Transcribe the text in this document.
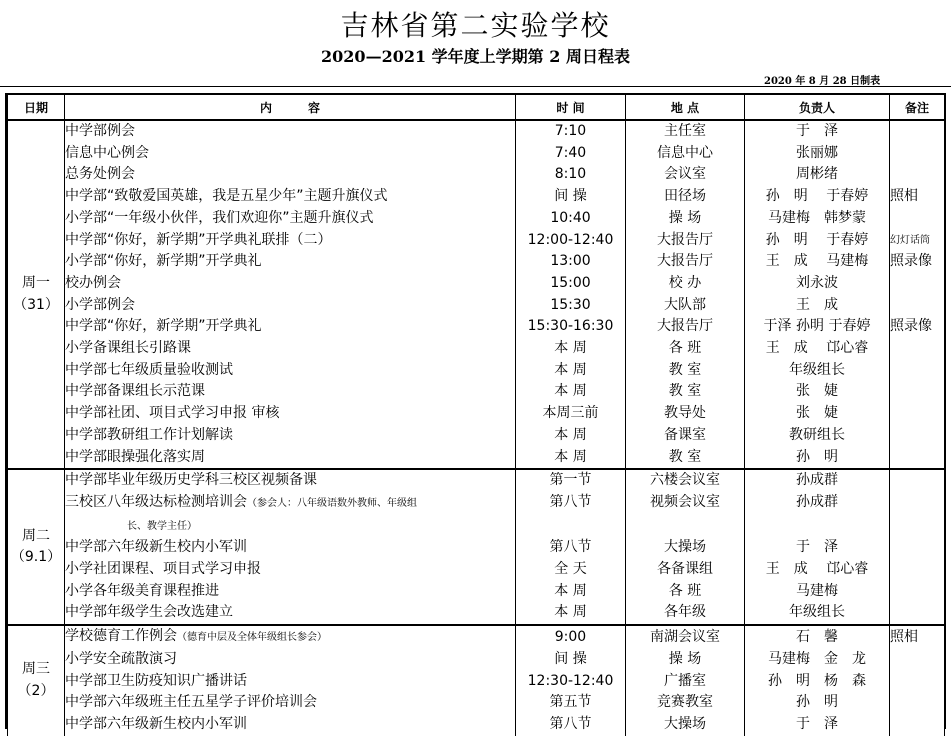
吉林省第二实验学校
2020—2021 学年度上学期第 2 周日程表
2020 年 8 月 28 日制表
日期	内　　　容	时 间	地 点	负责人	备注

周一
（31）	中学部例会	7:10	主任室	于　泽	
	信息中心例会	7:40	信息中心	张丽娜	
	总务处例会	8:10	会议室	周彬绪	
	中学部“致敬爱国英雄，我是五星少年”主题升旗仪式	间 操	田径场	孙　明　 于春婷	照相
	小学部“一年级小伙伴，我们欢迎你”主题升旗仪式	10:40	操 场	马建梅　韩梦蒙	
	中学部“你好，新学期”开学典礼联排（二）	12:00-12:40	大报告厅	孙　明　 于春婷	幻灯话筒
	小学部“你好，新学期”开学典礼	13:00	大报告厅	王　成　 马建梅	照录像
	校办例会	15:00	校 办	刘永波	
	小学部例会	15:30	大队部	王　成	
	中学部“你好，新学期”开学典礼	15:30-16:30	大报告厅	于泽 孙明 于春婷	照录像
	小学备课组长引路课	本 周	各 班	王　成　 邙心睿	
	中学部七年级质量验收测试	本 周	教 室	年级组长	
	中学部备课组长示范课	本 周	教 室	张　婕	
	中学部社团、项目式学习申报 审核	本周三前	教导处	张　婕	
	中学部教研组工作计划解读	本 周	备课室	教研组长	
	中学部眼操强化落实周	本 周	教 室	孙　明	

周二
（9.1）	中学部毕业年级历史学科三校区视频备课	第一节	六楼会议室	孙成群	
	三校区八年级达标检测培训会（参会人：八年级语数外教师、年级组	第八节	视频会议室	孙成群	
	长、教学主任）				
	中学部六年级新生校内小军训	第八节	大操场	于　泽	
	小学社团课程、项目式学习申报	全 天	各备课组	王　成　 邙心睿	
	小学各年级美育课程推进	本 周	各 班	马建梅	
	中学部年级学生会改选建立	本 周	各年级	年级组长	

周三
（2）	学校德育工作例会（德育中层及全体年级组长参会）	9:00	南湖会议室	石　馨	照相
	小学安全疏散演习	间 操	操 场	马建梅　金　龙	
	中学部卫生防疫知识广播讲话	12:30-12:40	广播室	孙　明　杨　森	
	中学部六年级班主任五星学子评价培训会	第五节	竞赛教室	孙　明	
	中学部六年级新生校内小军训	第八节	大操场	于　泽	
